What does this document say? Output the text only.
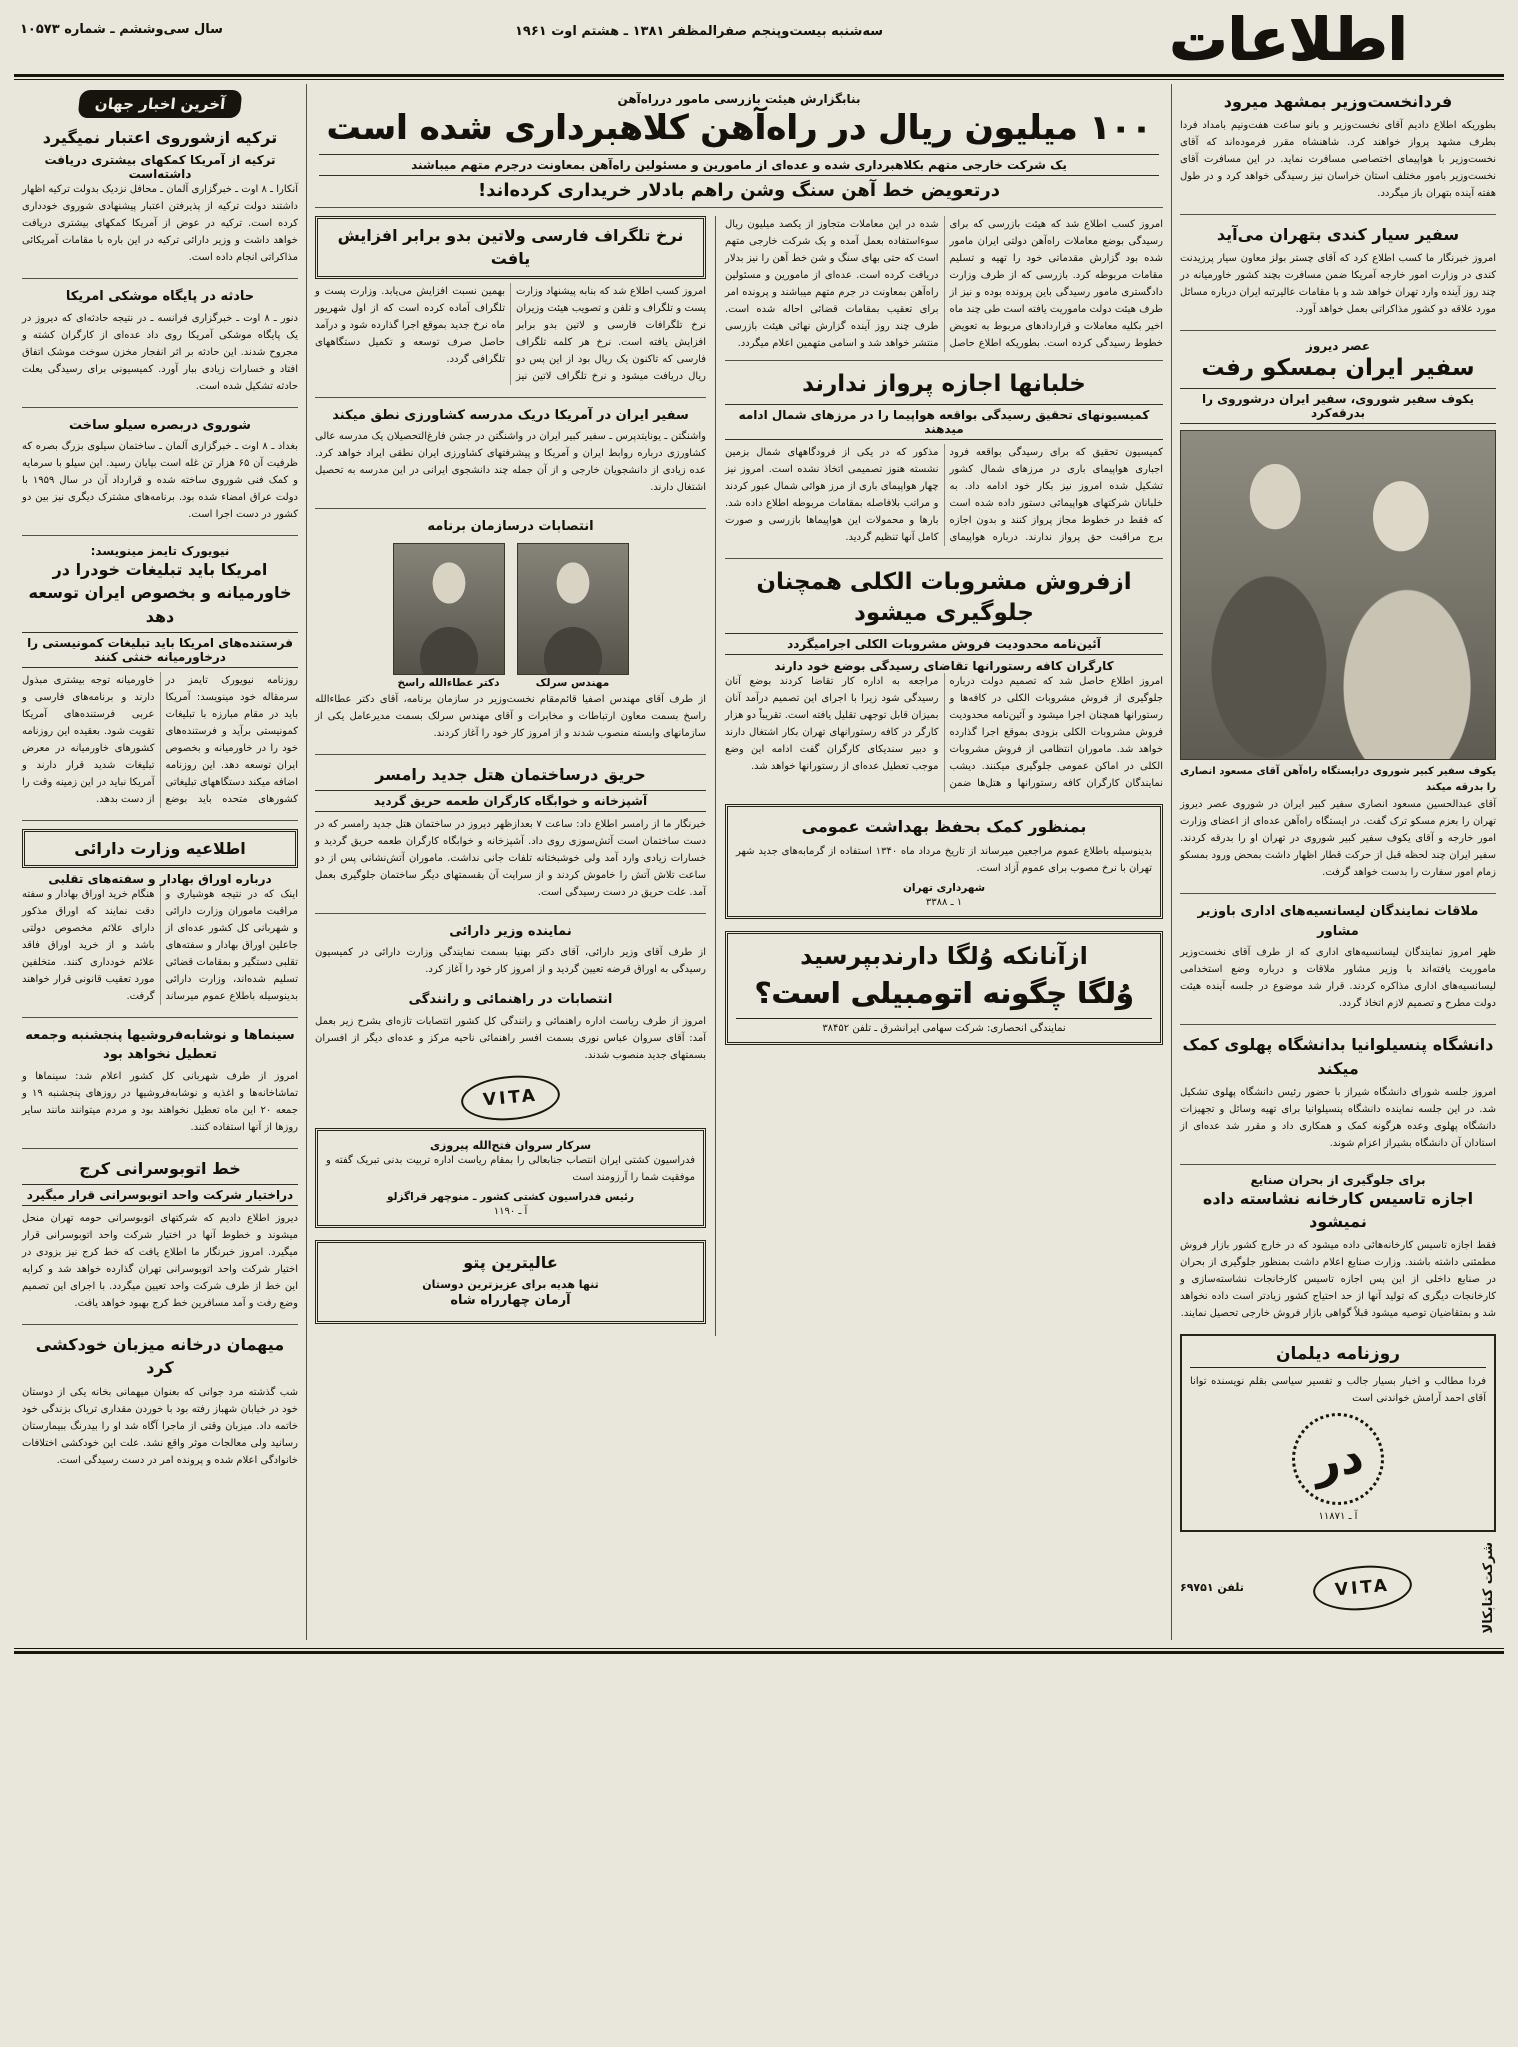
اطلاعات
سه‌شنبه بیست‌وپنجم صفرالمظفر ۱۳۸۱ ـ هشتم اوت ۱۹۶۱
سال سی‌وششم ـ شماره ۱۰۵۷۳
فردانخست‌وزیر بمشهد میرود

بطوریکه اطلاع دادیم آقای نخست‌وزیر و بانو ساعت هفت‌ونیم بامداد فردا بطرف مشهد پرواز خواهند کرد. شاهنشاه مقرر فرموده‌اند که آقای نخست‌وزیر با هواپیمای اختصاصی مسافرت نماید. در این مسافرت آقای نخست‌وزیر بامور مختلف استان خراسان نیز رسیدگی خواهد کرد و در طول هفته آینده بتهران باز میگردد.

سفیر سیار کندی بتهران می‌آید

امروز خبرنگار ما کسب اطلاع کرد که آقای چستر بولز معاون سیار پرزیدنت کندی در وزارت امور خارجه آمریکا ضمن مسافرت بچند کشور خاورمیانه در چند روز آینده وارد تهران خواهد شد و با مقامات عالیرتبه ایران درباره مسائل مورد علاقه دو کشور مذاکراتی بعمل خواهد آورد.

عصر دیروز
سفیر ایران بمسکو رفت
یکوف سفیر شوروی، سفیر ایران درشوروی را بدرقه‌کرد

یکوف سفیر کبیر شوروی درایستگاه راه‌آهن آقای مسعود انصاری را بدرقه میکند

آقای عبدالحسین مسعود انصاری سفیر کبیر ایران در شوروی عصر دیروز تهران را بعزم مسکو ترک گفت. در ایستگاه راه‌آهن عده‌ای از اعضای وزارت امور خارجه و آقای یکوف سفیر کبیر شوروی در تهران او را بدرقه کردند. سفیر ایران چند لحظه قبل از حرکت قطار اظهار داشت بمحض ورود بمسکو زمام امور سفارت را بدست خواهد گرفت.

ملاقات نمایندگان لیسانسیه‌های اداری باوزیر مشاور

ظهر امروز نمایندگان لیسانسیه‌های اداری که از طرف آقای نخست‌وزیر ماموریت یافته‌اند با وزیر مشاور ملاقات و درباره وضع استخدامی لیسانسیه‌های اداری مذاکره کردند. قرار شد موضوع در جلسه آینده هیئت دولت مطرح و تصمیم لازم اتخاذ گردد.

دانشگاه پنسیلوانیا بدانشگاه پهلوی کمک میکند

امروز جلسه شورای دانشگاه شیراز با حضور رئیس دانشگاه پهلوی تشکیل شد. در این جلسه نماینده دانشگاه پنسیلوانیا برای تهیه وسائل و تجهیزات دانشگاه پهلوی وعده هرگونه کمک و همکاری داد و مقرر شد عده‌ای از استادان آن دانشگاه بشیراز اعزام شوند.

برای جلوگیری از بحران صنایع
اجازه تاسیس کارخانه نشاسته داده نمیشود

فقط اجازه تاسیس کارخانه‌هائی داده میشود که در خارج کشور بازار فروش مطمئنی داشته باشند. وزارت صنایع اعلام داشت بمنظور جلوگیری از بحران در صنایع داخلی از این پس اجازه تاسیس کارخانجات نشاسته‌سازی و کارخانجات دیگری که تولید آنها از حد احتیاج کشور زیادتر است داده نخواهد شد و بمتقاضیان توصیه میشود قبلاً گواهی بازار فروش خارجی تحصیل نمایند.

روزنامه دیلمان

فردا مطالب و اخبار بسیار جالب و تفسیر سیاسی بقلم نویسنده توانا آقای احمد آرامش خواندنی است

در
آ ـ ۱۱۸۷۱
شرکت کتابکالا
VITA
تلفن ۶۹۷۵۱
بنابگزارش هیئت بازرسی مامور درراه‌آهن
۱۰۰ میلیون ریال در راه‌آهن کلاهبرداری شده است
یک شرکت خارجی متهم بکلاهبرداری شده و عده‌ای از مامورین و مسئولین راه‌آهن بمعاونت درجرم متهم میباشند
درتعویض خط آهن سنگ وشن راهم بادلار خریداری کرده‌اند!

امروز کسب اطلاع شد که هیئت بازرسی که برای رسیدگی بوضع معاملات راه‌آهن دولتی ایران مامور شده بود گزارش مقدماتی خود را تهیه و تسلیم مقامات مربوطه کرد. بازرسی که از طرف وزارت دادگستری مامور رسیدگی باین پرونده بوده و نیز از طرف هیئت دولت ماموریت یافته است طی چند ماه اخیر بکلیه معاملات و قراردادهای مربوط به تعویض خطوط رسیدگی کرده است. بطوریکه اطلاع حاصل شده در این معاملات متجاوز از یکصد میلیون ریال سوءاستفاده بعمل آمده و یک شرکت خارجی متهم است که حتی بهای سنگ و شن خط آهن را نیز بدلار دریافت کرده است. عده‌ای از مامورین و مسئولین راه‌آهن بمعاونت در جرم متهم میباشند و پرونده امر برای تعقیب بمقامات قضائی احاله شده است. طرف چند روز آینده گزارش نهائی هیئت بازرسی منتشر خواهد شد و اسامی متهمین اعلام میگردد.

خلبانها اجازه پرواز ندارند
کمیسیونهای تحقیق رسیدگی بواقعه هواپیما را در مرزهای شمال ادامه میدهند

کمیسیون تحقیق که برای رسیدگی بواقعه فرود اجباری هواپیمای باری در مرزهای شمال کشور تشکیل شده امروز نیز بکار خود ادامه داد. به خلبانان شرکتهای هواپیمائی دستور داده شده است که فقط در خطوط مجاز پرواز کنند و بدون اجازه برج مراقبت حق پرواز ندارند. درباره هواپیمای مذکور که در یکی از فرودگاههای شمال بزمین نشسته هنوز تصمیمی اتخاذ نشده است. امروز نیز چهار هواپیمای باری از مرز هوائی شمال عبور کردند و مراتب بلافاصله بمقامات مربوطه اطلاع داده شد. بارها و محمولات این هواپیماها بازرسی و صورت کامل آنها تنظیم گردید.

ازفروش مشروبات الکلی همچنان جلوگیری میشود
آئین‌نامه محدودیت فروش مشروبات الکلی اجرامیگردد
کارگران کافه رستورانها تقاضای رسیدگی بوضع خود دارند

امروز اطلاع حاصل شد که تصمیم دولت درباره جلوگیری از فروش مشروبات الکلی در کافه‌ها و رستورانها همچنان اجرا میشود و آئین‌نامه محدودیت فروش مشروبات الکلی بزودی بموقع اجرا گذارده خواهد شد. ماموران انتظامی از فروش مشروبات الکلی در اماکن عمومی جلوگیری میکنند. دیشب نمایندگان کارگران کافه رستورانها و هتل‌ها ضمن مراجعه به اداره کار تقاضا کردند بوضع آنان رسیدگی شود زیرا با اجرای این تصمیم درآمد آنان بمیزان قابل توجهی تقلیل یافته است. تقریباً دو هزار کارگر در کافه رستورانهای تهران بکار اشتغال دارند و دبیر سندیکای کارگران گفت ادامه این وضع موجب تعطیل عده‌ای از رستورانها خواهد شد.

بمنظور کمک بحفظ بهداشت عمومی

بدینوسیله باطلاع عموم مراجعین میرساند از تاریخ مرداد ماه ۱۳۴۰ استفاده از گرمابه‌های جدید شهر تهران با نرخ مصوب برای عموم آزاد است.

شهرداری تهران
۱ ـ ۳۳۸۸
ازآنانکه وُلگا دارندبپرسید
وُلگا چگونه اتومبیلی است؟
نمایندگی انحصاری: شرکت سهامی ایرانشرق ـ تلفن ۳۸۴۵۲
نرخ تلگراف فارسی ولاتین بدو برابر افزایش یافت

امروز کسب اطلاع شد که بنابه پیشنهاد وزارت پست و تلگراف و تلفن و تصویب هیئت وزیران نرخ تلگرافات فارسی و لاتین بدو برابر افزایش یافته است. نرخ هر کلمه تلگراف فارسی که تاکنون یک ریال بود از این پس دو ریال دریافت میشود و نرخ تلگراف لاتین نیز بهمین نسبت افزایش می‌یابد. وزارت پست و تلگراف آماده کرده است که از اول شهریور ماه نرخ جدید بموقع اجرا گذارده شود و درآمد حاصل صرف توسعه و تکمیل دستگاههای تلگرافی گردد.

سفیر ایران در آمریکا دریک مدرسه کشاورزی نطق میکند

واشنگتن ـ یونایتدپرس ـ سفیر کبیر ایران در واشنگتن در جشن فارغ‌التحصیلان یک مدرسه عالی کشاورزی درباره روابط ایران و آمریکا و پیشرفتهای کشاورزی ایران نطقی ایراد خواهد کرد. عده زیادی از دانشجویان خارجی و از آن جمله چند دانشجوی ایرانی در این مدرسه به تحصیل اشتغال دارند.

انتصابات درسازمان برنامه
مهندس سرلک
دکتر عطاءالله راسخ

از طرف آقای مهندس اصفیا قائم‌مقام نخست‌وزیر در سازمان برنامه، آقای دکتر عطاءالله راسخ بسمت معاون ارتباطات و مخابرات و آقای مهندس سرلک بسمت مدیرعامل یکی از سازمانهای وابسته منصوب شدند و از امروز کار خود را آغاز کردند.

حریق درساختمان هتل جدید رامسر
آشپزخانه و خوابگاه کارگران طعمه حریق گردید

خبرنگار ما از رامسر اطلاع داد: ساعت ۷ بعدازظهر دیروز در ساختمان هتل جدید رامسر که در دست ساختمان است آتش‌سوزی روی داد. آشپزخانه و خوابگاه کارگران طعمه حریق گردید و خسارات زیادی وارد آمد ولی خوشبختانه تلفات جانی نداشت. ماموران آتش‌نشانی پس از دو ساعت تلاش آتش را خاموش کردند و از سرایت آن بقسمتهای دیگر ساختمان جلوگیری بعمل آمد. علت حریق در دست رسیدگی است.

نماینده وزیر دارائی

از طرف آقای وزیر دارائی، آقای دکتر بهنیا بسمت نمایندگی وزارت دارائی در کمیسیون رسیدگی به اوراق قرضه تعیین گردید و از امروز کار خود را آغاز کرد.

انتصابات در راهنمائی و رانندگی

امروز از طرف ریاست اداره راهنمائی و رانندگی کل کشور انتصابات تازه‌ای بشرح زیر بعمل آمد: آقای سروان عباس نوری بسمت افسر راهنمائی ناحیه مرکز و عده‌ای دیگر از افسران بسمتهای جدید منصوب شدند.

VITA
سرکار سروان فتح‌الله پیروزی

فدراسیون کشتی ایران انتصاب جنابعالی را بمقام ریاست اداره تربیت بدنی تبریک گفته و موفقیت شما را آرزومند است

رئیس فدراسیون کشتی کشور ـ منوچهر قراگزلو
آ ـ ۱۱۹۰
عالیترین پتو
تنها هدیه برای عزیزترین دوستان
آرمان چهارراه شاه
آخرین اخبار جهان
ترکیه ازشوروی اعتبار نمیگیرد
ترکیه از آمریکا کمکهای بیشتری دریافت داشته‌است

آنکارا ـ ۸ اوت ـ خبرگزاری آلمان ـ محافل نزدیک بدولت ترکیه اظهار داشتند دولت ترکیه از پذیرفتن اعتبار پیشنهادی شوروی خودداری کرده است. ترکیه در عوض از آمریکا کمکهای بیشتری دریافت خواهد داشت و وزیر دارائی ترکیه در این باره با مقامات آمریکائی مذاکراتی انجام داده است.

حادثه در پایگاه موشکی امریکا

دنور ـ ۸ اوت ـ خبرگزاری فرانسه ـ در نتیجه حادثه‌ای که دیروز در یک پایگاه موشکی آمریکا روی داد عده‌ای از کارگران کشته و مجروح شدند. این حادثه بر اثر انفجار مخزن سوخت موشک اتفاق افتاد و خسارات زیادی ببار آورد. کمیسیونی برای رسیدگی بعلت حادثه تشکیل شده است.

شوروی دربصره سیلو ساخت

بغداد ـ ۸ اوت ـ خبرگزاری آلمان ـ ساختمان سیلوی بزرگ بصره که ظرفیت آن ۶۵ هزار تن غله است بپایان رسید. این سیلو با سرمایه و کمک فنی شوروی ساخته شده و قرارداد آن در سال ۱۹۵۹ با دولت عراق امضاء شده بود. برنامه‌های مشترک دیگری نیز بین دو کشور در دست اجرا است.

نیویورک تایمز مینویسد:
امریکا باید تبلیغات خودرا در خاورمیانه و بخصوص ایران توسعه دهد
فرستنده‌های امریکا باید تبلیغات کمونیستی را درخاورمیانه خنثی کنند

روزنامه نیویورک تایمز در سرمقاله خود مینویسد: آمریکا باید در مقام مبارزه با تبلیغات کمونیستی برآید و فرستنده‌های خود را در خاورمیانه و بخصوص ایران توسعه دهد. این روزنامه اضافه میکند دستگاههای تبلیغاتی کشورهای متحده باید بوضع خاورمیانه توجه بیشتری مبذول دارند و برنامه‌های فارسی و عربی فرستنده‌های آمریکا تقویت شود. بعقیده این روزنامه کشورهای خاورمیانه در معرض تبلیغات شدید قرار دارند و آمریکا نباید در این زمینه وقت را از دست بدهد.

اطلاعیه وزارت دارائی
درباره اوراق بهادار و سفته‌های تقلبی

اینک که در نتیجه هوشیاری و مراقبت ماموران وزارت دارائی و شهربانی کل کشور عده‌ای از جاعلین اوراق بهادار و سفته‌های تقلبی دستگیر و بمقامات قضائی تسلیم شده‌اند، وزارت دارائی بدینوسیله باطلاع عموم میرساند هنگام خرید اوراق بهادار و سفته دقت نمایند که اوراق مذکور دارای علائم مخصوص دولتی باشد و از خرید اوراق فاقد علائم خودداری کنند. متخلفین مورد تعقیب قانونی قرار خواهند گرفت.

سینماها و نوشابه‌فروشیها پنجشنبه وجمعه تعطیل نخواهد بود

امروز از طرف شهربانی کل کشور اعلام شد: سینماها و تماشاخانه‌ها و اغذیه و نوشابه‌فروشیها در روزهای پنجشنبه ۱۹ و جمعه ۲۰ این ماه تعطیل نخواهند بود و مردم میتوانند مانند سایر روزها از آنها استفاده کنند.

خط اتوبوسرانی کرج
دراختیار شرکت واحد اتوبوسرانی قرار میگیرد

دیروز اطلاع دادیم که شرکتهای اتوبوسرانی حومه تهران منحل میشوند و خطوط آنها در اختیار شرکت واحد اتوبوسرانی قرار میگیرد. امروز خبرنگار ما اطلاع یافت که خط کرج نیز بزودی در اختیار شرکت واحد اتوبوسرانی تهران گذارده خواهد شد و کرایه این خط از طرف شرکت واحد تعیین میگردد. با اجرای این تصمیم وضع رفت و آمد مسافرین خط کرج بهبود خواهد یافت.

میهمان درخانه میزبان خودکشی کرد

شب گذشته مرد جوانی که بعنوان میهمانی بخانه یکی از دوستان خود در خیابان شهباز رفته بود با خوردن مقداری تریاک بزندگی خود خاتمه داد. میزبان وقتی از ماجرا آگاه شد او را بیدرنگ ببیمارستان رسانید ولی معالجات موثر واقع نشد. علت این خودکشی اختلافات خانوادگی اعلام شده و پرونده امر در دست رسیدگی است.
